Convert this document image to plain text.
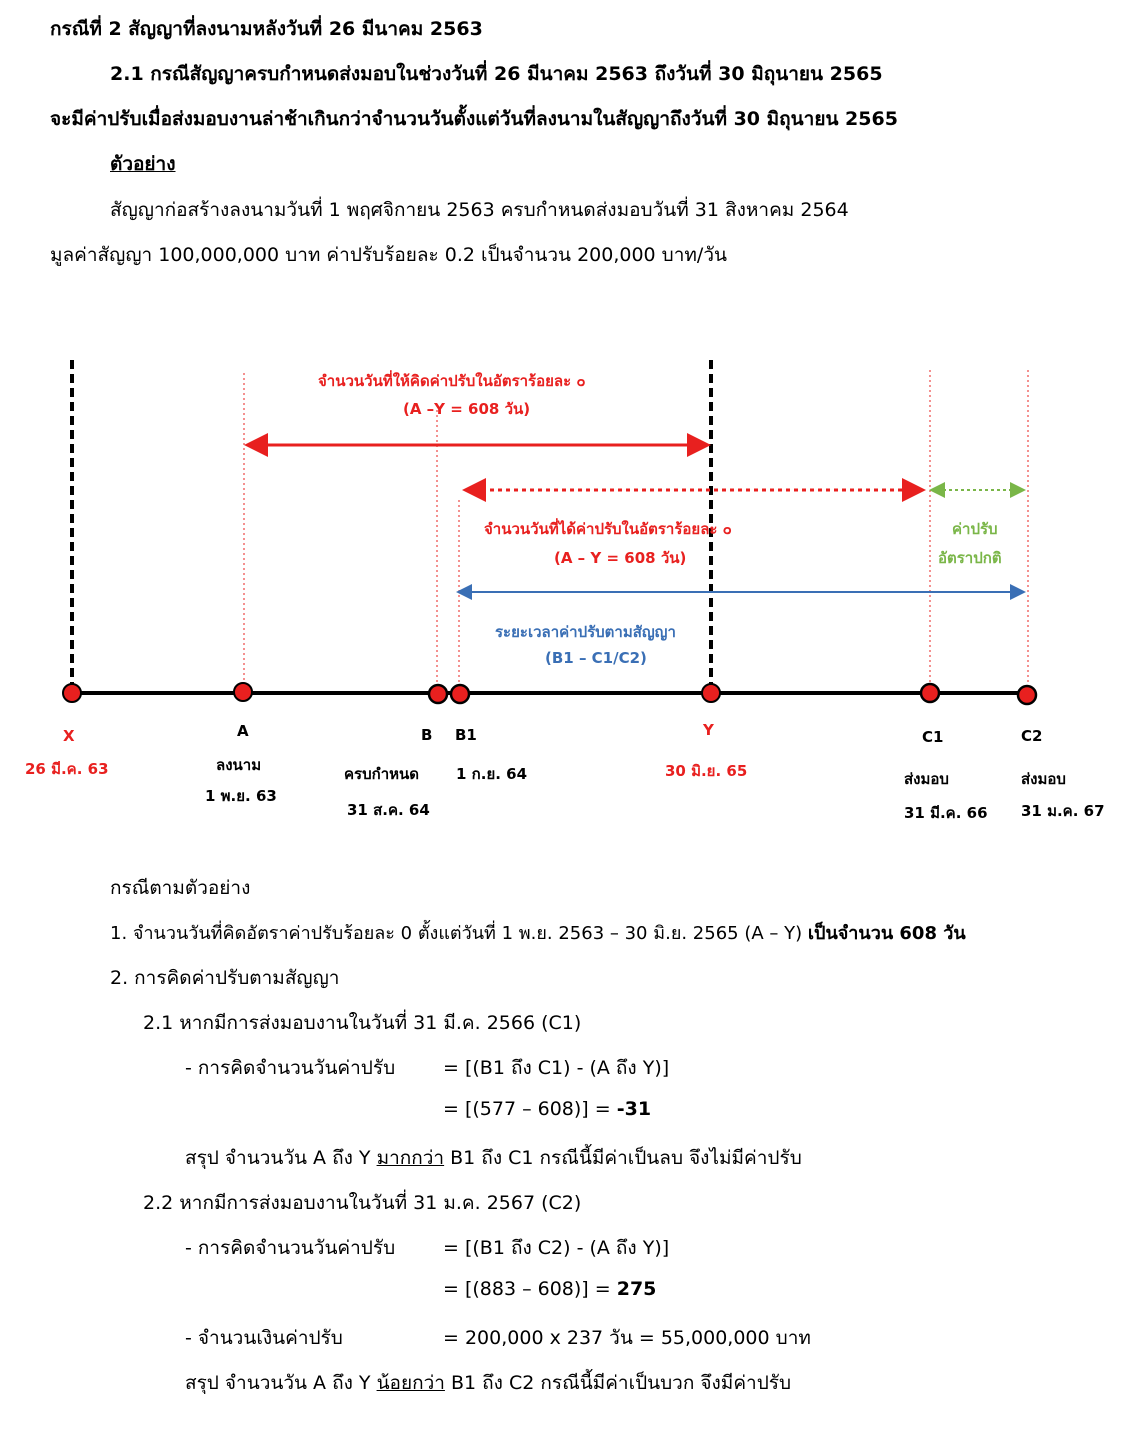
กรณีที่ 2 สัญญาที่ลงนามหลังวันที่ 26 มีนาคม 2563
2.1 กรณีสัญญาครบกำหนดส่งมอบในช่วงวันที่ 26 มีนาคม 2563 ถึงวันที่ 30 มิถุนายน 2565
จะมีค่าปรับเมื่อส่งมอบงานล่าช้าเกินกว่าจำนวนวันตั้งแต่วันที่ลงนามในสัญญาถึงวันที่ 30 มิถุนายน 2565
ตัวอย่าง
สัญญาก่อสร้างลงนามวันที่ 1 พฤศจิกายน 2563 ครบกำหนดส่งมอบวันที่ 31 สิงหาคม 2564
มูลค่าสัญญา 100,000,000 บาท ค่าปรับร้อยละ 0.2 เป็นจำนวน 200,000 บาท/วัน
จำนวนวันที่ให้คิดค่าปรับในอัตราร้อยละ ๐
(A –Y = 608 วัน)
จำนวนวันที่ได้ค่าปรับในอัตราร้อยละ ๐
(A – Y = 608 วัน)
ค่าปรับ
อัตราปกติ
ระยะเวลาค่าปรับตามสัญญา
(B1 – C1/C2)
X
26 มี.ค. 63
A
ลงนาม
1 พ.ย. 63
B
ครบกำหนด
31 ส.ค. 64
B1
1 ก.ย. 64
Y
30 มิ.ย. 65
C1
ส่งมอบ
31 มี.ค. 66
C2
ส่งมอบ
31 ม.ค. 67
กรณีตามตัวอย่าง
1. จำนวนวันที่คิดอัตราค่าปรับร้อยละ 0 ตั้งแต่วันที่ 1 พ.ย. 2563 – 30 มิ.ย. 2565 (A – Y) เป็นจำนวน 608 วัน
2. การคิดค่าปรับตามสัญญา
2.1 หากมีการส่งมอบงานในวันที่ 31 มี.ค. 2566 (C1)
- การคิดจำนวนวันค่าปรับ	= [(B1 ถึง C1) - (A ถึง Y)]
= [(577 – 608)] = -31
สรุป จำนวนวัน A ถึง Y มากกว่า B1 ถึง C1 กรณีนี้มีค่าเป็นลบ จึงไม่มีค่าปรับ
2.2 หากมีการส่งมอบงานในวันที่ 31 ม.ค. 2567 (C2)
- การคิดจำนวนวันค่าปรับ	= [(B1 ถึง C2) - (A ถึง Y)]
= [(883 – 608)] = 275
- จำนวนเงินค่าปรับ	= 200,000 x 237 วัน = 55,000,000 บาท
สรุป จำนวนวัน A ถึง Y น้อยกว่า B1 ถึง C2 กรณีนี้มีค่าเป็นบวก จึงมีค่าปรับ
